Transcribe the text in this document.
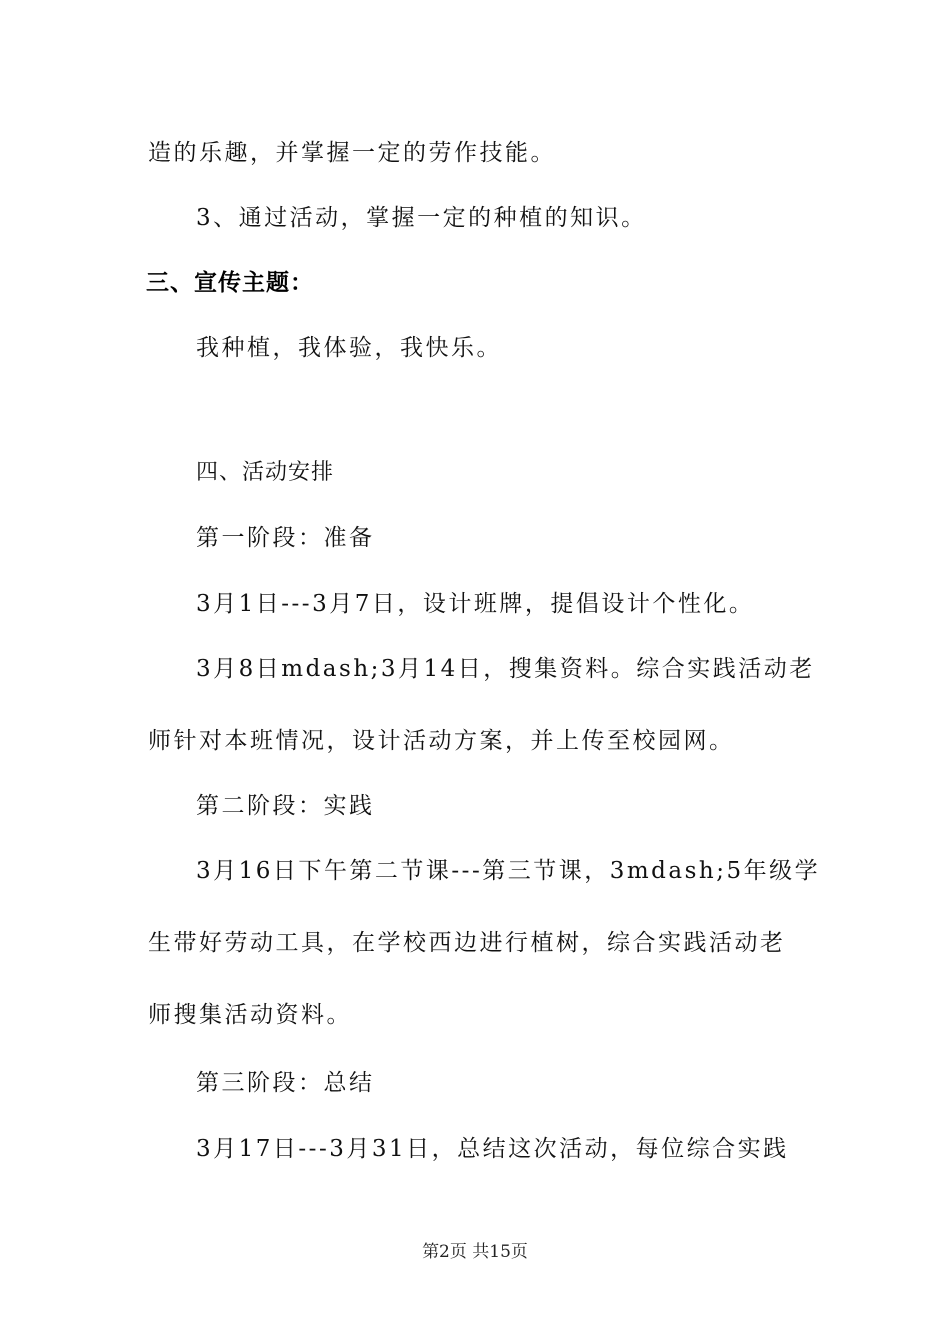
造的乐趣，并掌握一定的劳作技能。
3、通过活动，掌握一定的种植的知识。
三、宣传主题：
我种植，我体验，我快乐。
四、活动安排
第一阶段：准备
3月1日---3月7日，设计班牌，提倡设计个性化。
3月8日mdash;3月14日，搜集资料。综合实践活动老
师针对本班情况，设计活动方案，并上传至校园网。
第二阶段：实践
3月16日下午第二节课---第三节课，3mdash;5年级学
生带好劳动工具，在学校西边进行植树，综合实践活动老
师搜集活动资料。
第三阶段：总结
3月17日---3月31日，总结这次活动，每位综合实践
第2页 共15页
